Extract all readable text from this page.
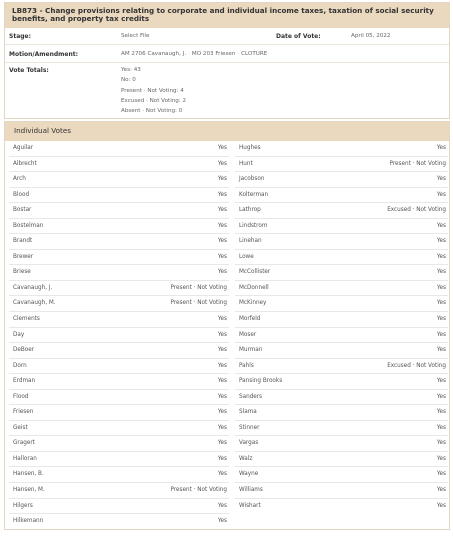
LB873 - Change provisions relating to corporate and individual income taxes, taxation of social security benefits, and property tax credits
Stage:	Select File	Date of Vote:	April 05, 2022
Motion/Amendment:	AM 2706 Cavanaugh, J. · MO 203 Friesen · CLOTURE
Vote Totals:	Yes: 43
No: 0
Present · Not Voting: 4
Excused · Not Voting: 2
Absent · Not Voting: 0
Individual Votes
Aguilar	Yes
Albrecht	Yes
Arch	Yes
Blood	Yes
Bostar	Yes
Bostelman	Yes
Brandt	Yes
Brewer	Yes
Briese	Yes
Cavanaugh, J.	Present · Not Voting
Cavanaugh, M.	Present · Not Voting
Clements	Yes
Day	Yes
DeBoer	Yes
Dorn	Yes
Erdman	Yes
Flood	Yes
Friesen	Yes
Geist	Yes
Gragert	Yes
Halloran	Yes
Hansen, B.	Yes
Hansen, M.	Present · Not Voting
Hilgers	Yes
Hilkemann	Yes
Hughes	Yes
Hunt	Present · Not Voting
Jacobson	Yes
Kolterman	Yes
Lathrop	Excused · Not Voting
Lindstrom	Yes
Linehan	Yes
Lowe	Yes
McCollister	Yes
McDonnell	Yes
McKinney	Yes
Morfeld	Yes
Moser	Yes
Murman	Yes
Pahls	Excused · Not Voting
Pansing Brooks	Yes
Sanders	Yes
Slama	Yes
Stinner	Yes
Vargas	Yes
Walz	Yes
Wayne	Yes
Williams	Yes
Wishart	Yes
